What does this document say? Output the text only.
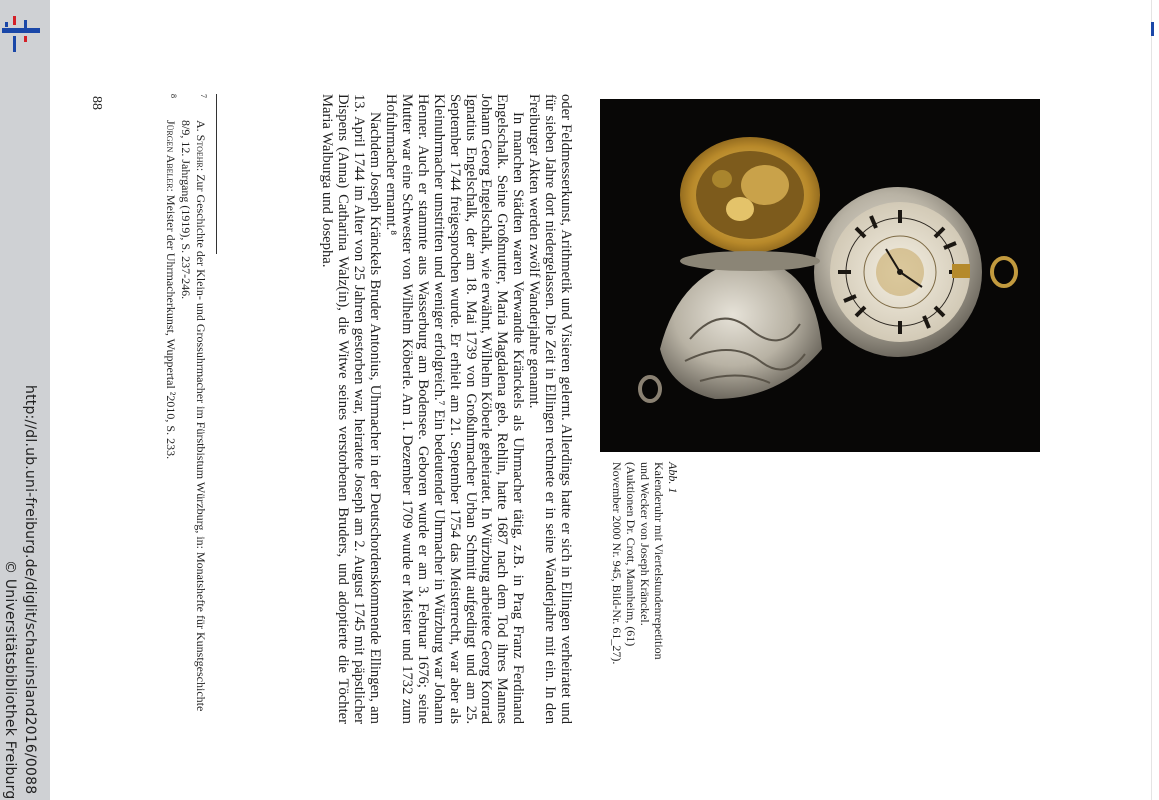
http://dl.ub.uni-freiburg.de/diglit/schauinsland2016/0088
© Universitätsbibliothek Freiburg	oder Feldmesserkunst, Arithmetik und Visieren gelernt. Allerdings hatte er sich in Ellingen verheiratet und für sieben Jahre dort niedergelassen. Die Zeit in Ellingen rechnete er in seine Wanderjahre mit ein. In den Freiburger Akten werden zwölf Wanderjahre genannt.

In manchen Städten waren Verwandte Kränckels als Uhrmacher tätig, z.B. in Prag Franz Ferdinand Engelschalk. Seine Großmutter, Maria Magdalena geb. Rehlin, hatte 1687 nach dem Tod ihres Mannes Johann Georg Engelschalk, wie erwähnt, Wilhelm Köberle geheiratet. In Würzburg arbeitete Georg Konrad Ignatius Engelschalk, der am 18. Mai 1739 von Großuhrmacher Urban Schmitt aufgedingt und am 25. September 1744 freigesprochen wurde. Er erhielt am 21. September 1754 das Meisterrecht, war aber als Kleinuhrmacher umstritten und weniger erfolgreich.⁷ Ein bedeutender Uhrmacher in Würzburg war Johann Henner. Auch er stammte aus Wasserburg am Bodensee. Geboren wurde er am 3. Februar 1676; seine Mutter war eine Schwester von Wilhelm Köberle. Am 1. Dezember 1709 wurde er Meister und 1732 zum Hofuhrmacher ernannt.⁸

Nachdem Joseph Kränckels Bruder Antonius, Uhrmacher in der Deutschordenskommende Ellingen, am 13. April 1744 im Alter von 25 Jahren gestorben war, heiratete Joseph am 2. August 1745 mit päpstlicher Dispens (Anna) Catharina Walz(in), die Witwe seines verstorbenen Bruders, und adoptierte die Töchter Maria Walburga und Josepha.

7
A. Stoehr: Zur Geschichte der Klein- und Grossuhrmacher im Fürstbistum Würzburg, in: Monatshefte für Kunstgeschichte 8/9, 12. Jahrgang (1919), S. 237-246.
8
Jürgen Abeler: Meister der Uhrmacherkunst, Wuppertal ²2010, S. 233.
Abb. 1
Kalenderuhr mit Viertelstundenrepetition und Wecker von Joseph Kränckel. (Auktionen Dr. Crott, Mannheim, (61) November 2000 Nr. 945, Bild-Nr. 61_27).
88
